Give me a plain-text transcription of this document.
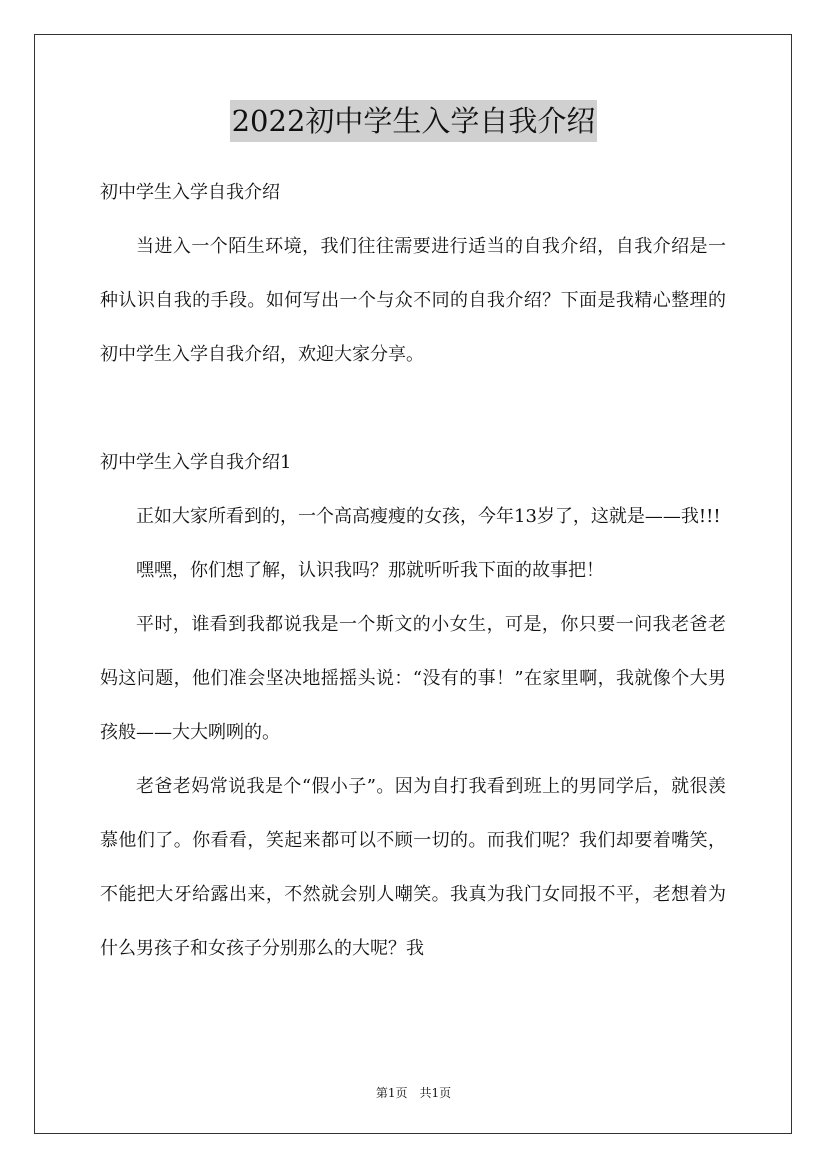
2022初中学生入学自我介绍

初中学生入学自我介绍

当进入一个陌生环境，我们往往需要进行适当的自我介绍，自我介绍是一种认识自我的手段。如何写出一个与众不同的自我介绍？下面是我精心整理的初中学生入学自我介绍，欢迎大家分享。

初中学生入学自我介绍1

正如大家所看到的，一个高高瘦瘦的女孩，今年13岁了，这就是——我!!!

嘿嘿，你们想了解，认识我吗？那就听听我下面的故事把！

平时，谁看到我都说我是一个斯文的小女生，可是，你只要一问我老爸老妈这问题，他们准会坚决地摇摇头说：“没有的事！”在家里啊，我就像个大男孩般——大大咧咧的。

老爸老妈常说我是个“假小子”。因为自打我看到班上的男同学后，就很羡慕他们了。你看看，笑起来都可以不顾一切的。而我们呢？我们却要着嘴笑，不能把大牙给露出来，不然就会别人嘲笑。我真为我门女同报不平，老想着为什么男孩子和女孩子分别那么的大呢？我

第1页　共1页
